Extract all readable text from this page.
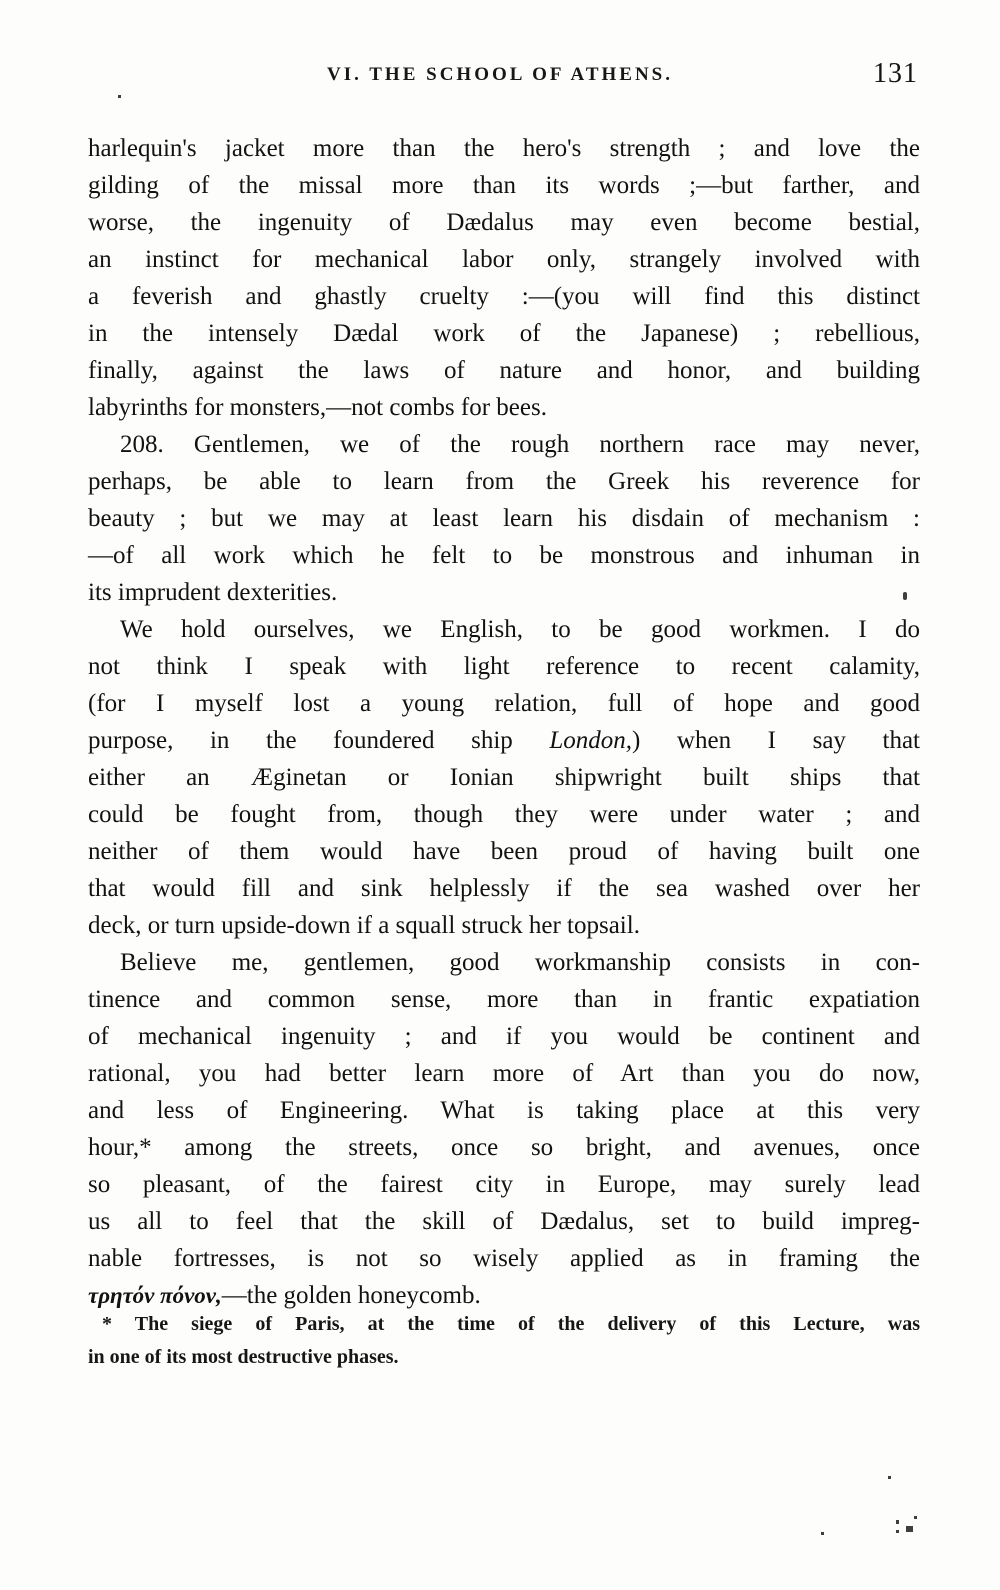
VI. THE SCHOOL OF ATHENS.	131
harlequin's jacket more than the hero's strength ; and love the
gilding of the missal more than its words ;—but farther, and
worse, the ingenuity of Dædalus may even become bestial,
an instinct for mechanical labor only, strangely involved with
a feverish and ghastly cruelty :—(you will find this distinct
in the intensely Dædal work of the Japanese) ; rebellious,
finally, against the laws of nature and honor, and building
labyrinths for monsters,—not combs for bees.
208. Gentlemen, we of the rough northern race may never,
perhaps, be able to learn from the Greek his reverence for
beauty ; but we may at least learn his disdain of mechanism :
—of all work which he felt to be monstrous and inhuman in
its imprudent dexterities.
We hold ourselves, we English, to be good workmen. I do
not think I speak with light reference to recent calamity,
(for I myself lost a young relation, full of hope and good
purpose, in the foundered ship London,) when I say that
either an Æginetan or Ionian shipwright built ships that
could be fought from, though they were under water ; and
neither of them would have been proud of having built one
that would fill and sink helplessly if the sea washed over her
deck, or turn upside-down if a squall struck her topsail.
Believe me, gentlemen, good workmanship consists in con-
tinence and common sense, more than in frantic expatiation
of mechanical ingenuity ; and if you would be continent and
rational, you had better learn more of Art than you do now,
and less of Engineering. What is taking place at this very
hour,* among the streets, once so bright, and avenues, once
so pleasant, of the fairest city in Europe, may surely lead
us all to feel that the skill of Dædalus, set to build impreg-
nable fortresses, is not so wisely applied as in framing the
τρητόν πόνον,—the golden honeycomb.
* The siege of Paris, at the time of the delivery of this Lecture, was
in one of its most destructive phases.
